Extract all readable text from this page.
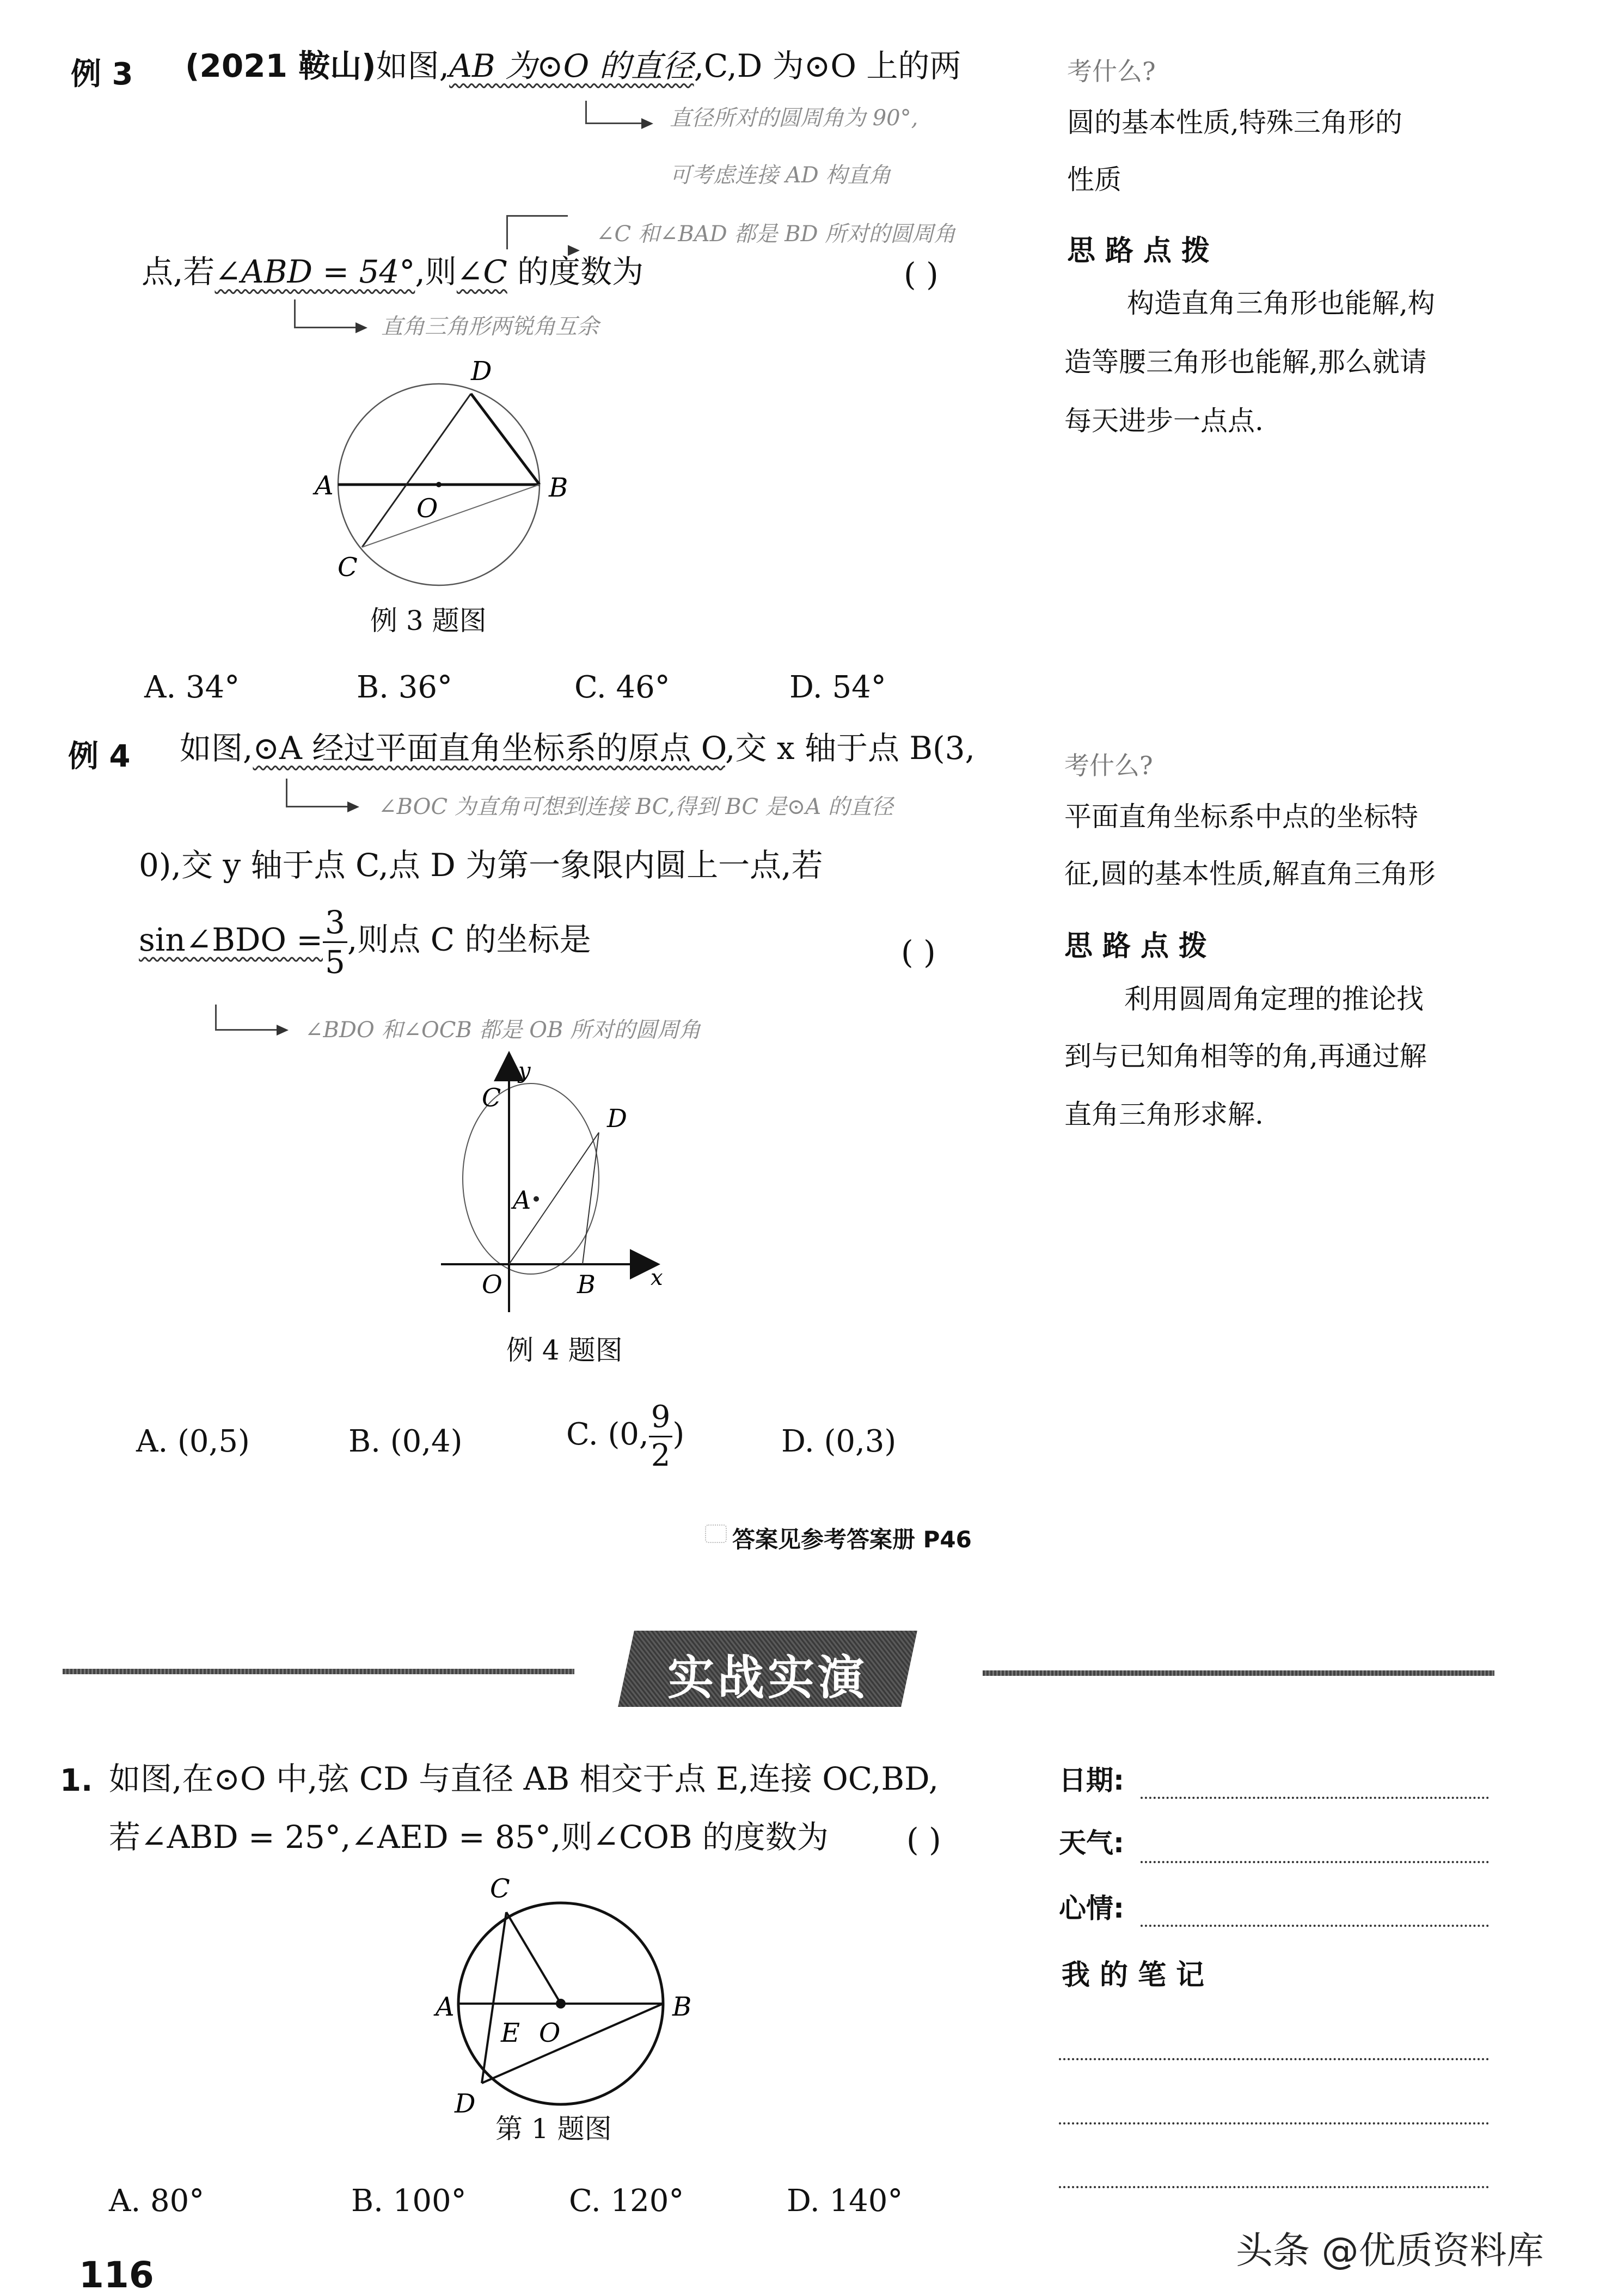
例 3 (2021 鞍山)如图,AB 为⊙O 的直径,C,D 为⊙O 上的两
直径所对的圆周角为 90°,
可考虑连接 AD 构直角
∠C 和∠BAD 都是 BD 所对的圆周角
点,若∠ABD = 54°,则∠C 的度数为	( )
直角三角形两锐角互余
D
A	B
O
C
例 3 题图
A. 34°	B. 36°	C. 46°	D. 54°
考什么?
圆的基本性质,特殊三角形的
性质
思路点拨
构造直角三角形也能解,构
造等腰三角形也能解,那么就请
每天进步一点点.
例 4 如图,⊙A 经过平面直角坐标系的原点 O,交 x 轴于点 B(3,
∠BOC 为直角可想到连接 BC,得到 BC 是⊙A 的直径
0),交 y 轴于点 C,点 D 为第一象限内圆上一点,若
sin∠BDO = $\frac{3}{5}$ ,则点 C 的坐标是	( )
∠BDO 和∠OCB 都是 OB 所对的圆周角
y
C
D
A
O	B	x
例 4 题图
A. (0,5)	B. (0,4)	C. (0, $\frac{9}{2}$ )	D. (0,3)
答案见参考答案册 P46
考什么?
平面直角坐标系中点的坐标特
征,圆的基本性质,解直角三角形
思路点拨
利用圆周角定理的推论找
到与已知角相等的角,再通过解
直角三角形求解.
实战实演
1. 如图,在⊙O 中,弦 CD 与直径 AB 相交于点 E,连接 OC,BD,
若∠ABD = 25°,∠AED = 85°,则∠COB 的度数为 ( )
C
A	B
E O
D
第 1 题图
A. 80°	B. 100°	C. 120°	D. 140°
116
日期:
天气:
心情:
我的笔记
头条 @优质资料库
